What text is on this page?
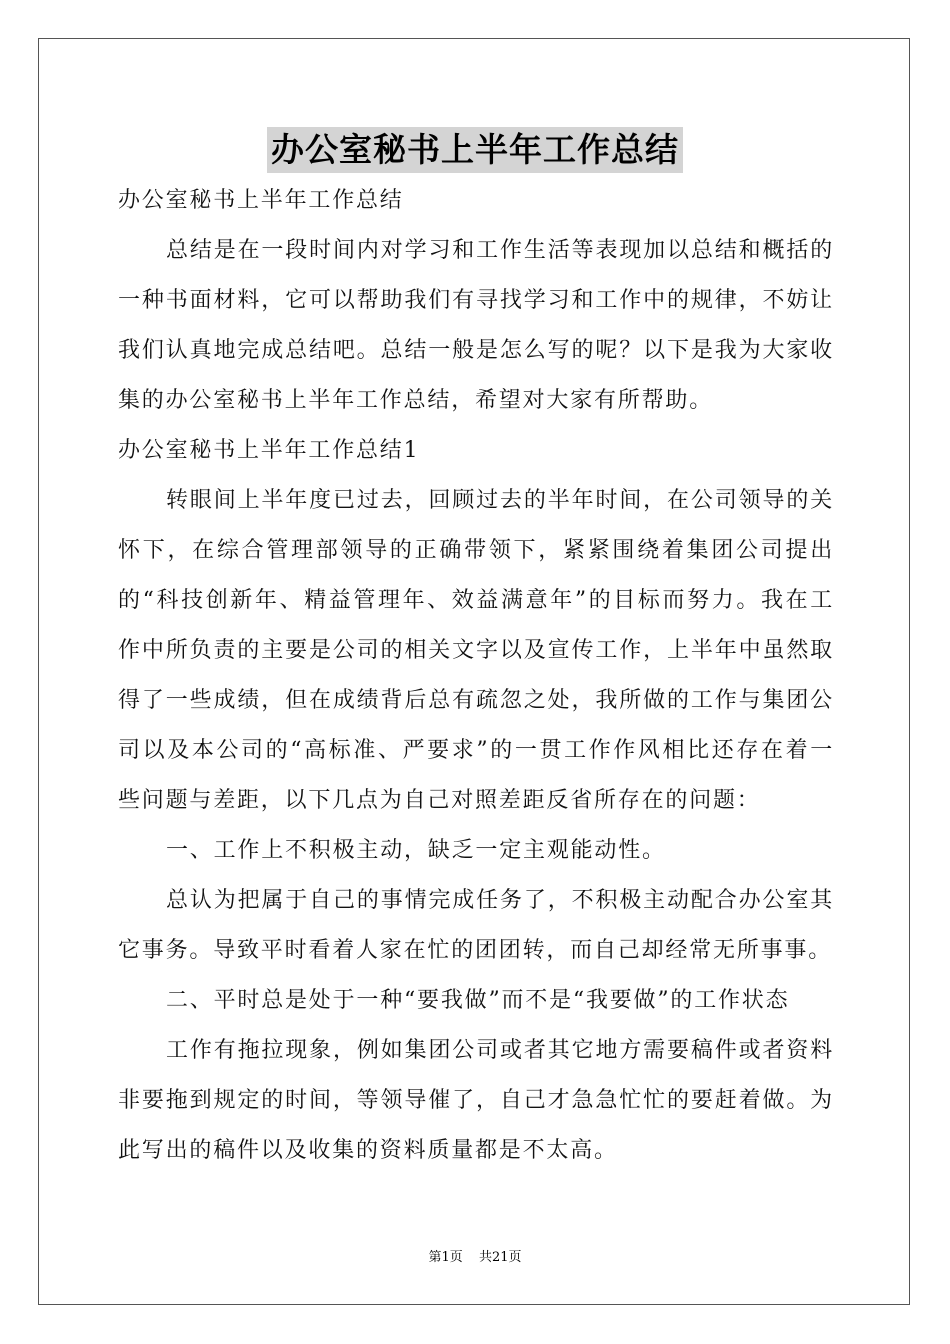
办公室秘书上半年工作总结

办公室秘书上半年工作总结

总结是在一段时间内对学习和工作生活等表现加以总结和概括的一种书面材料，它可以帮助我们有寻找学习和工作中的规律，不妨让我们认真地完成总结吧。总结一般是怎么写的呢？以下是我为大家收集的办公室秘书上半年工作总结，希望对大家有所帮助。

办公室秘书上半年工作总结1

转眼间上半年度已过去，回顾过去的半年时间，在公司领导的关怀下，在综合管理部领导的正确带领下，紧紧围绕着集团公司提出的“科技创新年、精益管理年、效益满意年”的目标而努力。我在工作中所负责的主要是公司的相关文字以及宣传工作，上半年中虽然取得了一些成绩，但在成绩背后总有疏忽之处，我所做的工作与集团公司以及本公司的“高标准、严要求”的一贯工作作风相比还存在着一些问题与差距，以下几点为自己对照差距反省所存在的问题：

一、工作上不积极主动，缺乏一定主观能动性。

总认为把属于自己的事情完成任务了，不积极主动配合办公室其它事务。导致平时看着人家在忙的团团转，而自己却经常无所事事。

二、平时总是处于一种“要我做”而不是“我要做”的工作状态

工作有拖拉现象，例如集团公司或者其它地方需要稿件或者资料非要拖到规定的时间，等领导催了，自己才急急忙忙的要赶着做。为此写出的稿件以及收集的资料质量都是不太高。

第1页 共21页
